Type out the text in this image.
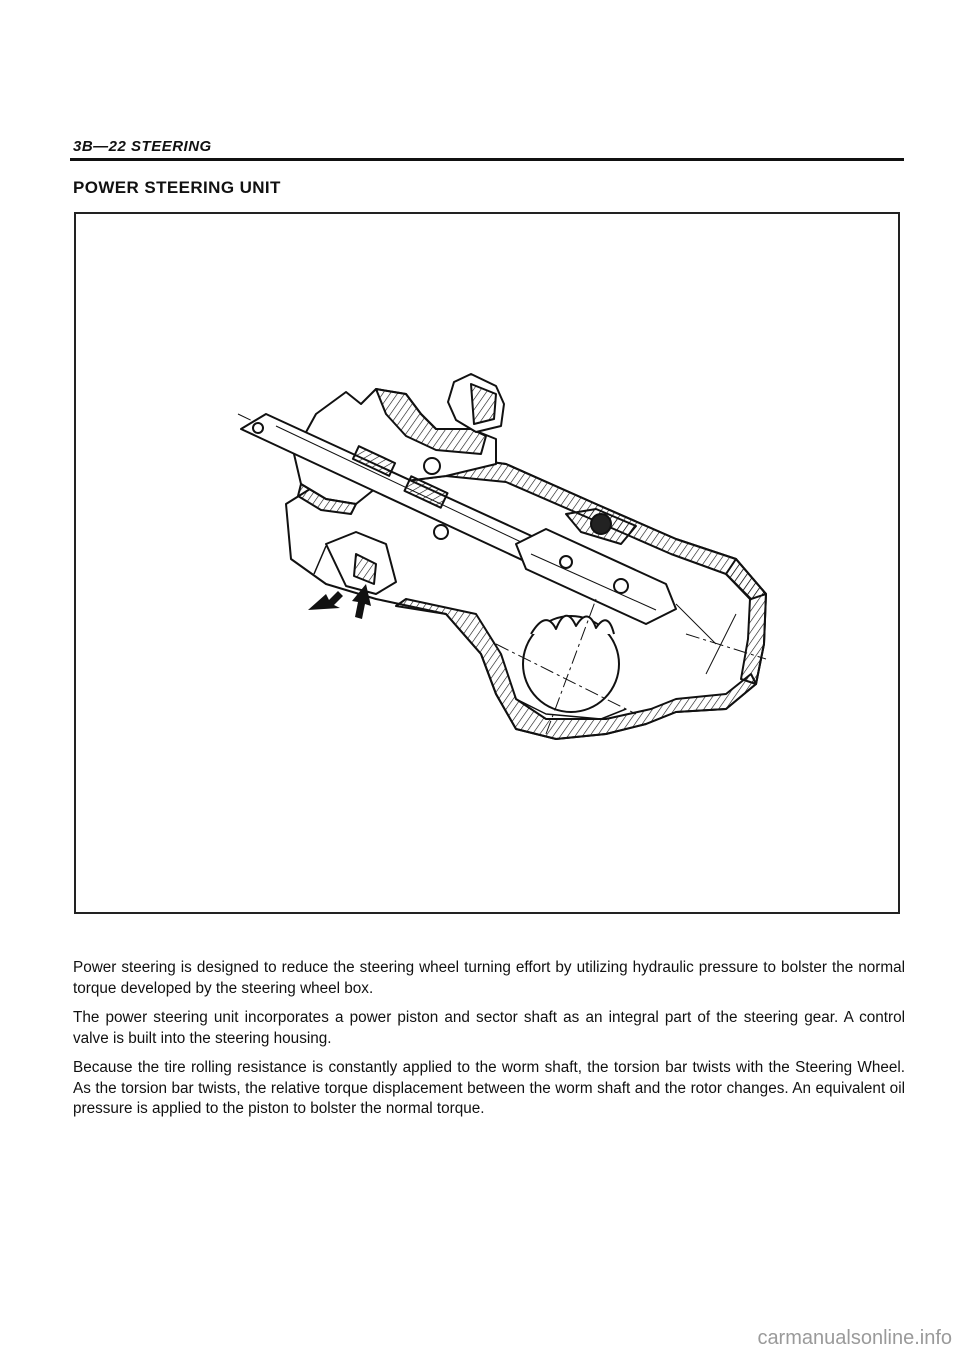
3B—22 STEERING
POWER STEERING UNIT

Power steering is designed to reduce the steering wheel turning effort by utilizing hydraulic pressure to bolster the normal torque developed by the steering wheel box.

The power steering unit incorporates a power piston and sector shaft as an integral part of the steering gear. A control valve is built into the steering housing.

Because the tire rolling resistance is constantly applied to the worm shaft, the torsion bar twists with the Steering Wheel. As the torsion bar twists, the relative torque displacement between the worm shaft and the rotor changes. An equivalent oil pressure is applied to the piston to bolster the normal torque.

carmanualsonline.info
